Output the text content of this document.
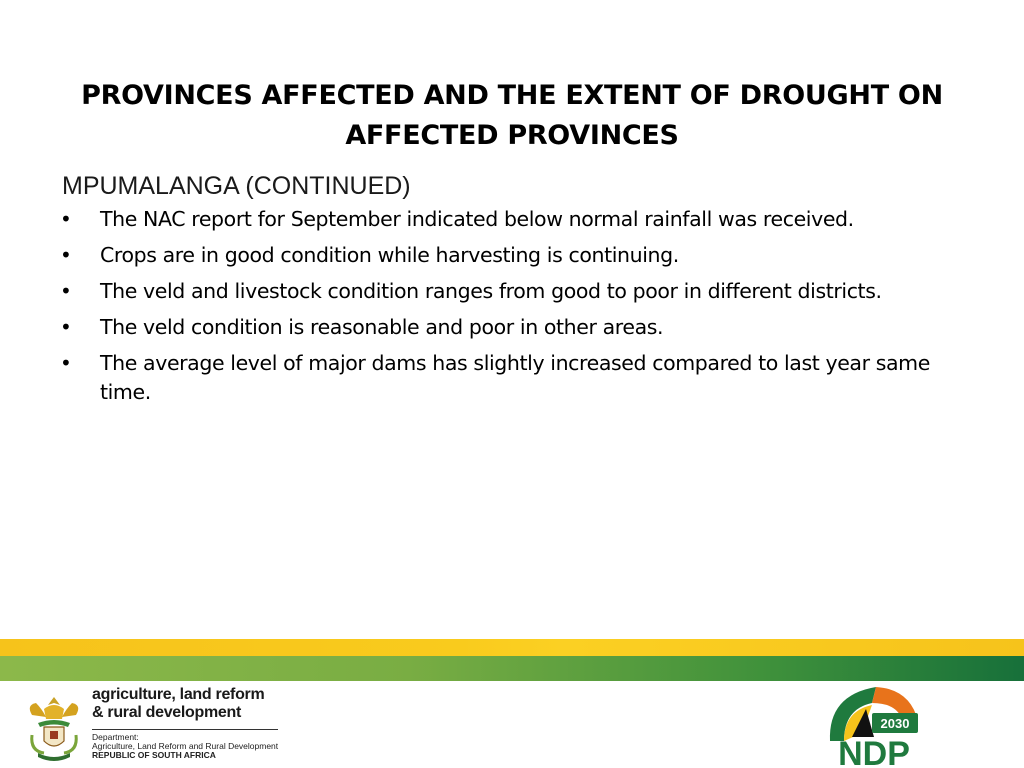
PROVINCES AFFECTED AND THE EXTENT OF DROUGHT ON AFFECTED PROVINCES
MPUMALANGA (CONTINUED)
• The NAC report for September indicated below normal rainfall was received.
• Crops are in good condition while harvesting is continuing.
• The veld and livestock condition ranges from good to poor in different districts.
• The veld condition is reasonable and poor in other areas.
• The average level of major dams has slightly increased compared to last year same time.
agriculture, land reform
& rural development
Department:
Agriculture, Land Reform and Rural Development
REPUBLIC OF SOUTH AFRICA
2030
NDP
